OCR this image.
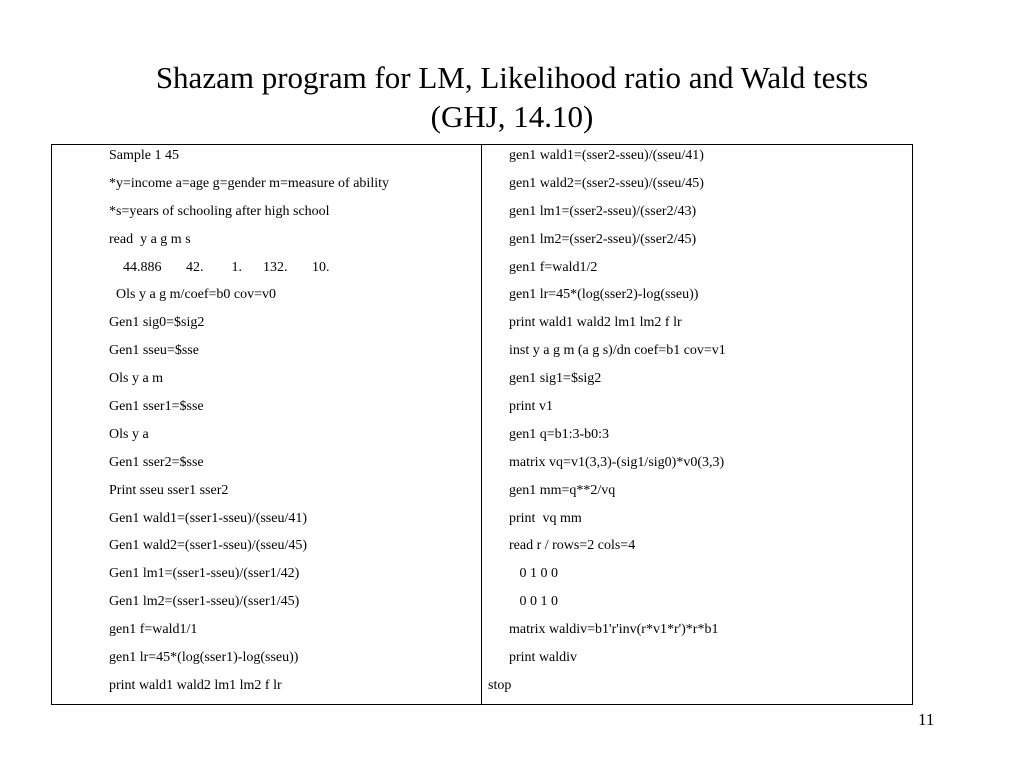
Shazam program for LM, Likelihood ratio and Wald tests
(GHJ, 14.10)
Sample 1 45
*y=income a=age g=gender m=measure of ability
*s=years of schooling after high school
read  y a g m s
44.886       42.        1.      132.       10.
Ols y a g m/coef=b0 cov=v0
Gen1 sig0=$sig2
Gen1 sseu=$sse
Ols y a m
Gen1 sser1=$sse
Ols y a
Gen1 sser2=$sse
Print sseu sser1 sser2
Gen1 wald1=(sser1-sseu)/(sseu/41)
Gen1 wald2=(sser1-sseu)/(sseu/45)
Gen1 lm1=(sser1-sseu)/(sser1/42)
Gen1 lm2=(sser1-sseu)/(sser1/45)
gen1 f=wald1/1
gen1 lr=45*(log(sser1)-log(sseu))
print wald1 wald2 lm1 lm2 f lr
gen1 wald1=(sser2-sseu)/(sseu/41)
gen1 wald2=(sser2-sseu)/(sseu/45)
gen1 lm1=(sser2-sseu)/(sser2/43)
gen1 lm2=(sser2-sseu)/(sser2/45)
gen1 f=wald1/2
gen1 lr=45*(log(sser2)-log(sseu))
print wald1 wald2 lm1 lm2 f lr
inst y a g m (a g s)/dn coef=b1 cov=v1
gen1 sig1=$sig2
print v1
gen1 q=b1:3-b0:3
matrix vq=v1(3,3)-(sig1/sig0)*v0(3,3)
gen1 mm=q**2/vq
print  vq mm
read r / rows=2 cols=4
0 1 0 0
0 0 1 0
matrix waldiv=b1'r'inv(r*v1*r')*r*b1
print waldiv
stop
11
